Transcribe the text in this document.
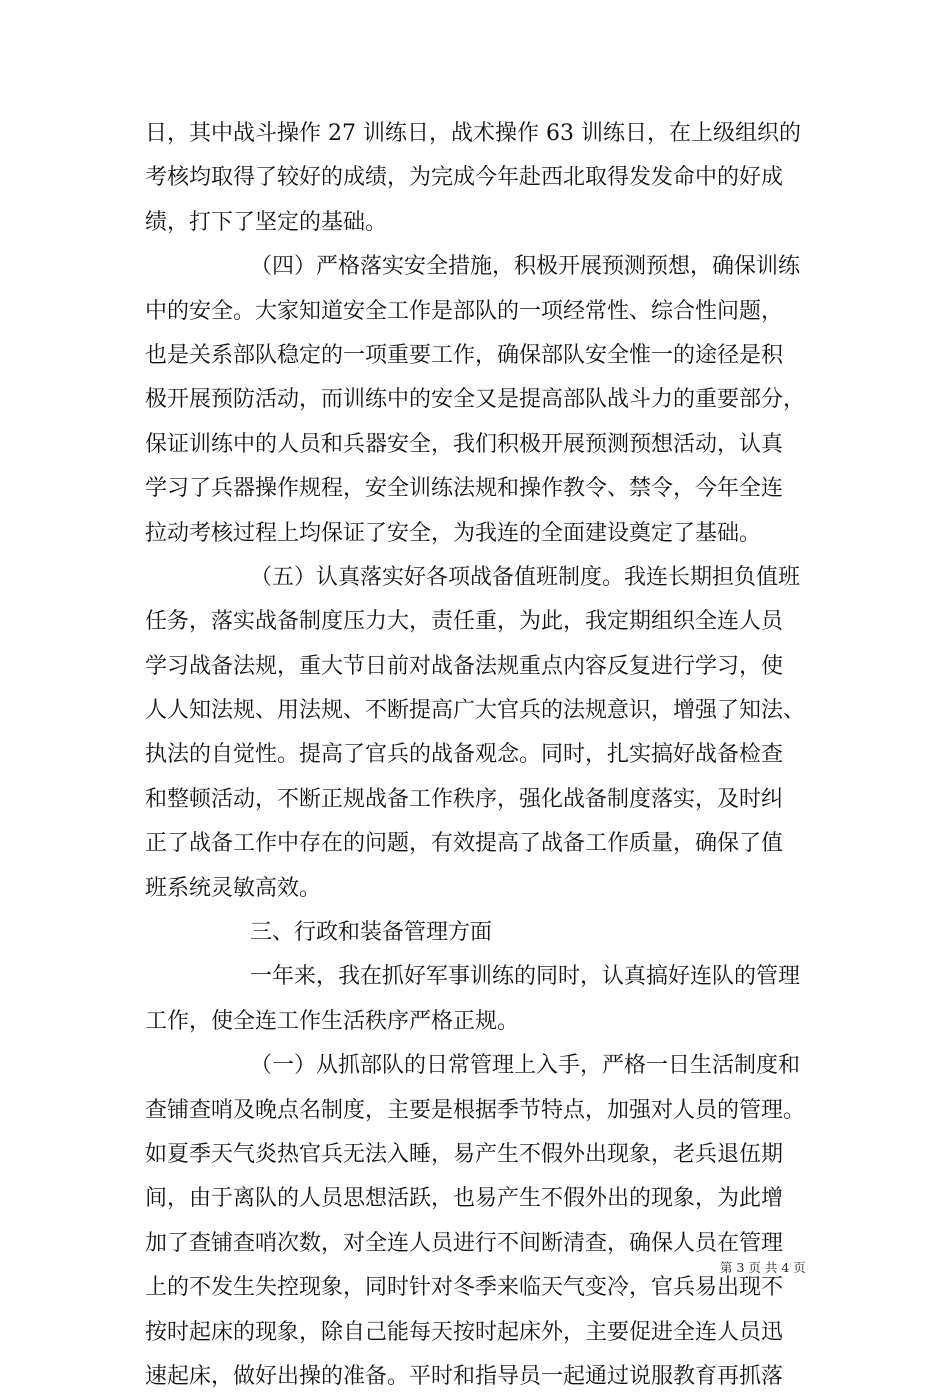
日，其中战斗操作 27 训练日，战术操作 63 训练日，在上级组织的
考核均取得了较好的成绩，为完成今年赴西北取得发发命中的好成
绩，打下了坚定的基础。
（四）严格落实安全措施，积极开展预测预想，确保训练
中的安全。大家知道安全工作是部队的一项经常性、综合性问题，
也是关系部队稳定的一项重要工作，确保部队安全惟一的途径是积
极开展预防活动，而训练中的安全又是提高部队战斗力的重要部分，
保证训练中的人员和兵器安全，我们积极开展预测预想活动，认真
学习了兵器操作规程，安全训练法规和操作教令、禁令，今年全连
拉动考核过程上均保证了安全，为我连的全面建设奠定了基础。
（五）认真落实好各项战备值班制度。我连长期担负值班
任务，落实战备制度压力大，责任重，为此，我定期组织全连人员
学习战备法规，重大节日前对战备法规重点内容反复进行学习，使
人人知法规、用法规、不断提高广大官兵的法规意识，增强了知法、
执法的自觉性。提高了官兵的战备观念。同时，扎实搞好战备检查
和整顿活动，不断正规战备工作秩序，强化战备制度落实，及时纠
正了战备工作中存在的问题，有效提高了战备工作质量，确保了值
班系统灵敏高效。
三、行政和装备管理方面
一年来，我在抓好军事训练的同时，认真搞好连队的管理
工作，使全连工作生活秩序严格正规。
（一）从抓部队的日常管理上入手，严格一日生活制度和
查铺查哨及晚点名制度，主要是根据季节特点，加强对人员的管理。
如夏季天气炎热官兵无法入睡，易产生不假外出现象，老兵退伍期
间，由于离队的人员思想活跃，也易产生不假外出的现象，为此增
加了查铺查哨次数，对全连人员进行不间断清查，确保人员在管理
上的不发生失控现象，同时针对冬季来临天气变冷，官兵易出现不
按时起床的现象，除自己能每天按时起床外，主要促进全连人员迅
速起床，做好出操的准备。平时和指导员一起通过说服教育再抓落
第 3 页 共 4 页
